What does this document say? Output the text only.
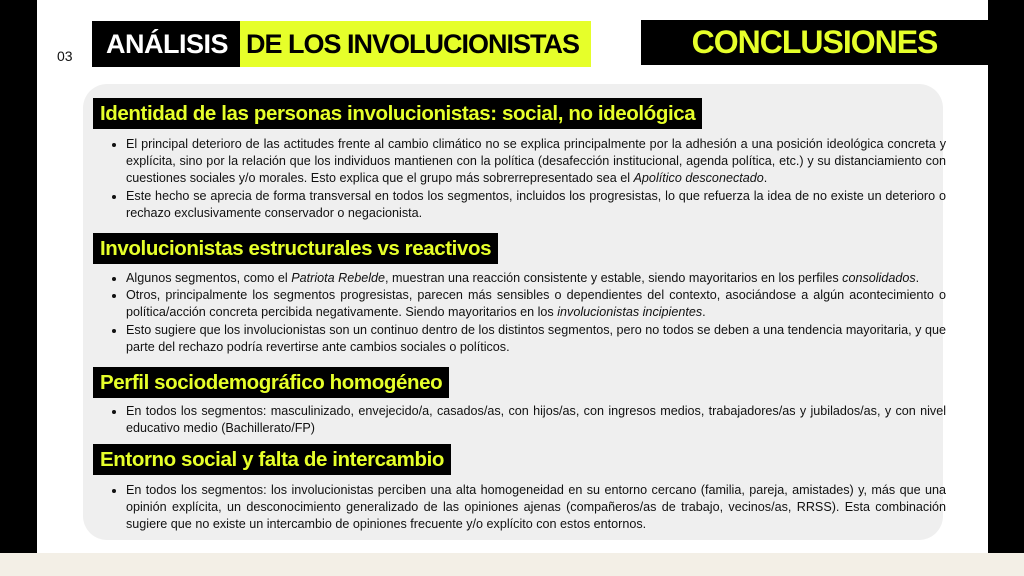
03	ANÁLISIS DE LOS INVOLUCIONISTAS	CONCLUSIONES
Identidad de las personas involucionistas: social, no ideológica
• El principal deterioro de las actitudes frente al cambio climático no se explica principalmente por la adhesión a una posición ideológica concreta y explícita, sino por la relación que los individuos mantienen con la política (desafección institucional, agenda política, etc.) y su distanciamiento con cuestiones sociales y/o morales. Esto explica que el grupo más sobrerrepresentado sea el Apolítico desconectado.
• Este hecho se aprecia de forma transversal en todos los segmentos, incluidos los progresistas, lo que refuerza la idea de no existe un deterioro o rechazo exclusivamente conservador o negacionista.
Involucionistas estructurales vs reactivos
• Algunos segmentos, como el Patriota Rebelde, muestran una reacción consistente y estable, siendo mayoritarios en los perfiles consolidados.
• Otros, principalmente los segmentos progresistas, parecen más sensibles o dependientes del contexto, asociándose a algún acontecimiento o política/acción concreta percibida negativamente. Siendo mayoritarios en los involucionistas incipientes.
• Esto sugiere que los involucionistas son un continuo dentro de los distintos segmentos, pero no todos se deben a una tendencia mayoritaria, y que parte del rechazo podría revertirse ante cambios sociales o políticos.
Perfil sociodemográfico homogéneo
• En todos los segmentos: masculinizado, envejecido/a, casados/as, con hijos/as, con ingresos medios, trabajadores/as y jubilados/as, y con nivel educativo medio (Bachillerato/FP)
Entorno social y falta de intercambio
• En todos los segmentos: los involucionistas perciben una alta homogeneidad en su entorno cercano (familia, pareja, amistades) y, más que una opinión explícita, un desconocimiento generalizado de las opiniones ajenas (compañeros/as de trabajo, vecinos/as, RRSS). Esta combinación sugiere que no existe un intercambio de opiniones frecuente y/o explícito con estos entornos.
